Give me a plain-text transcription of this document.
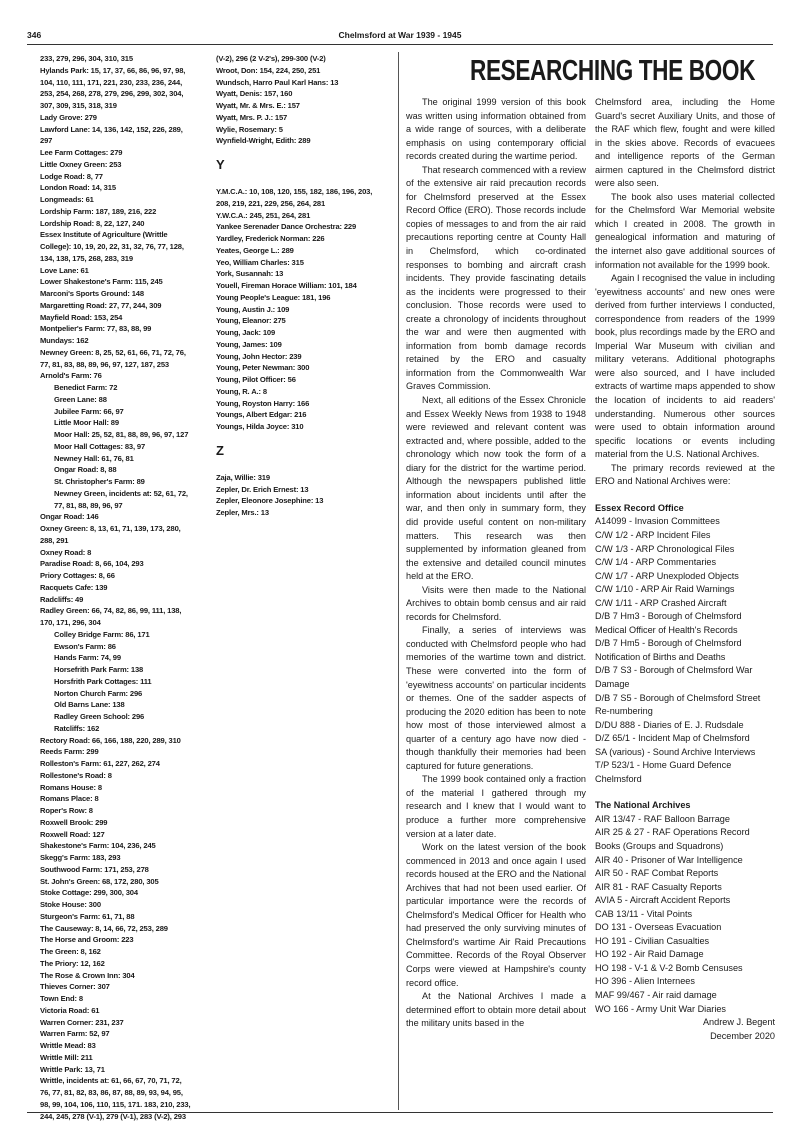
346	Chelmsford at War 1939 - 1945
233, 279, 296, 304, 310, 315
Hylands Park: 15, 17, 37, 66, 86, 96, 97, 98,
104, 110, 111, 171, 221, 230, 233, 236, 244,
253, 254, 268, 278, 279, 296, 299, 302, 304,
307, 309, 315, 318, 319
Lady Grove: 279
Lawford Lane: 14, 136, 142, 152, 226, 289,
297
Lee Farm Cottages: 279
Little Oxney Green: 253
Lodge Road: 8, 77
London Road: 14, 315
Longmeads: 61
Lordship Farm: 187, 189, 216, 222
Lordship Road: 8, 22, 127, 240
Essex Institute of Agriculture (Writtle
College): 10, 19, 20, 22, 31, 32, 76, 77, 128,
134, 138, 175, 268, 283, 319
Love Lane: 61
Lower Shakestone's Farm: 115, 245
Marconi's Sports Ground: 148
Margaretting Road: 27, 77, 244, 309
Mayfield Road: 153, 254
Montpelier's Farm: 77, 83, 88, 99
Mundays: 162
Newney Green: 8, 25, 52, 61, 66, 71, 72, 76,
77, 81, 83, 88, 89, 96, 97, 127, 187, 253
Arnold's Farm: 76
Benedict Farm: 72
Green Lane: 88
Jubilee Farm: 66, 97
Little Moor Hall: 89
Moor Hall: 25, 52, 81, 88, 89, 96, 97, 127
Moor Hall Cottages: 83, 97
Newney Hall: 61, 76, 81
Ongar Road: 8, 88
St. Christopher's Farm: 89
Newney Green, incidents at: 52, 61, 72,
77, 81, 88, 89, 96, 97
Ongar Road: 146
Oxney Green: 8, 13, 61, 71, 139, 173, 280,
288, 291
Oxney Road: 8
Paradise Road: 8, 66, 104, 293
Priory Cottages: 8, 66
Racquets Cafe: 139
Radcliffs: 49
Radley Green: 66, 74, 82, 86, 99, 111, 138,
170, 171, 296, 304
Colley Bridge Farm: 86, 171
Ewson's Farm: 86
Hands Farm: 74, 99
Horsefrith Park Farm: 138
Horsfrith Park Cottages: 111
Norton Church Farm: 296
Old Barns Lane: 138
Radley Green School: 296
Ratcliffs: 162
Rectory Road: 66, 166, 188, 220, 289, 310
Reeds Farm: 299
Rolleston's Farm: 61, 227, 262, 274
Rollestone's Road: 8
Romans House: 8
Romans Place: 8
Roper's Row: 8
Roxwell Brook: 299
Roxwell Road: 127
Shakestone's Farm: 104, 236, 245
Skegg's Farm: 183, 293
Southwood Farm: 171, 253, 278
St. John's Green: 68, 172, 280, 305
Stoke Cottage: 299, 300, 304
Stoke House: 300
Sturgeon's Farm: 61, 71, 88
The Causeway: 8, 14, 66, 72, 253, 289
The Horse and Groom: 223
The Green: 8, 162
The Priory: 12, 162
The Rose & Crown Inn: 304
Thieves Corner: 307
Town End: 8
Victoria Road: 61
Warren Corner: 231, 237
Warren Farm: 52, 97
Writtle Mead: 83
Writtle Mill: 211
Writtle Park: 13, 71
Writtle, incidents at: 61, 66, 67, 70, 71, 72,
76, 77, 81, 82, 83, 86, 87, 88, 89, 93, 94, 95,
98, 99, 104, 106, 110, 115, 171. 183, 210, 233,
244, 245, 278 (V-1), 279 (V-1), 283 (V-2), 293
(V-2), 296 (2 V-2's), 299-300 (V-2)
Wroot, Don: 154, 224, 250, 251
Wundsch, Harro Paul Karl Hans: 13
Wyatt, Denis: 157, 160
Wyatt, Mr. & Mrs. E.: 157
Wyatt, Mrs. P. J.: 157
Wylie, Rosemary: 5
Wynfield-Wright, Edith: 289
Y
Y.M.C.A.: 10, 108, 120, 155, 182, 186, 196, 203,
208, 219, 221, 229, 256, 264, 281
Y.W.C.A.: 245, 251, 264, 281
Yankee Serenader Dance Orchestra: 229
Yardley, Frederick Norman: 226
Yeates, George L.: 289
Yeo, William Charles: 315
York, Susannah: 13
Youell, Fireman Horace William: 101, 184
Young People's League: 181, 196
Young, Austin J.: 109
Young, Eleanor: 275
Young, Jack: 109
Young, James: 109
Young, John Hector: 239
Young, Peter Newman: 300
Young, Pilot Officer: 56
Young, R. A.: 8
Young, Royston Harry: 166
Youngs, Albert Edgar: 216
Youngs, Hilda Joyce: 310
Z
Zaja, Willie: 319
Zepler, Dr. Erich Ernest: 13
Zepler, Eleonore Josephine: 13
Zepler, Mrs.: 13
RESEARCHING THE BOOK

The original 1999 version of this book was written using information obtained from a wide range of sources, with a deliberate emphasis on using contemporary official records created during the wartime period.

That research commenced with a review of the extensive air raid precaution records for Chelmsford preserved at the Essex Record Office (ERO). Those records include copies of messages to and from the air raid precautions reporting centre at County Hall in Chelmsford, which co-ordinated responses to bombing and aircraft crash incidents. They provide fascinating details as the incidents were progressed to their conclusion. Those records were used to create a chronology of incidents throughout the war and were then augmented with information from bomb damage records retained by the ERO and casualty information from the Commonwealth War Graves Commission.

Next, all editions of the Essex Chronicle and Essex Weekly News from 1938 to 1948 were reviewed and relevant content was extracted and, where possible, added to the chronology which now took the form of a diary for the district for the wartime period. Although the newspapers published little information about incidents until after the war, and then only in summary form, they did provide useful content on non-military matters. This research was then supplemented by information gleaned from the extensive and detailed council minutes held at the ERO.

Visits were then made to the National Archives to obtain bomb census and air raid records for Chelmsford.

Finally, a series of interviews was conducted with Chelmsford people who had memories of the wartime town and district. These were converted into the form of 'eyewitness accounts' on particular incidents or themes. One of the sadder aspects of producing the 2020 edition has been to note how most of those interviewed almost a quarter of a century ago have now died - though thankfully their memories had been captured for future generations.

The 1999 book contained only a fraction of the material I gathered through my research and I knew that I would want to produce a further more comprehensive version at a later date.

Work on the latest version of the book commenced in 2013 and once again I used records housed at the ERO and the National Archives that had not been used earlier. Of particular importance were the records of Chelmsford's Medical Officer for Health who had preserved the only surviving minutes of Chelmsford's wartime Air Raid Precautions Committee. Records of the Royal Observer Corps were viewed at Hampshire's county record office.

At the National Archives I made a determined effort to obtain more detail about the military units based in the

Chelmsford area, including the Home Guard's secret Auxiliary Units, and those of the RAF which flew, fought and were killed in the skies above. Records of evacuees and intelligence reports of the German airmen captured in the Chelmsford district were also seen.

The book also uses material collected for the Chelmsford War Memorial website which I created in 2008. The growth in genealogical information and maturing of the internet also gave additional sources of information not available for the 1999 book.

Again I recognised the value in including 'eyewitness accounts' and new ones were derived from further interviews I conducted, correspondence from readers of the 1999 book, plus recordings made by the ERO and Imperial War Museum with civilian and military veterans. Additional photographs were also sourced, and I have included extracts of wartime maps appended to show the location of incidents to aid readers' understanding. Numerous other sources were used to obtain information around specific locations or events including material from the U.S. National Archives.

The primary records reviewed at the ERO and National Archives were:

Essex Record Office

A14099 - Invasion Committees

C/W 1/2 - ARP Incident Files

C/W 1/3 - ARP Chronological Files

C/W 1/4 - ARP Commentaries

C/W 1/7 - ARP Unexploded Objects

C/W 1/10 - ARP Air Raid Warnings

C/W 1/11 - ARP Crashed Aircraft

D/B 7 Hm3 - Borough of Chelmsford Medical Officer of Health's Records

D/B 7 Hm5 - Borough of Chelmsford Notification of Births and Deaths

D/B 7 S3 - Borough of Chelmsford War Damage

D/B 7 S5 - Borough of Chelmsford Street Re-numbering

D/DU 888 - Diaries of E. J. Rudsdale

D/Z 65/1 - Incident Map of Chelmsford

SA (various) - Sound Archive Interviews

T/P 523/1 - Home Guard Defence Chelmsford

The National Archives

AIR 13/47 - RAF Balloon Barrage

AIR 25 & 27 - RAF Operations Record Books (Groups and Squadrons)

AIR 40 - Prisoner of War Intelligence

AIR 50 - RAF Combat Reports

AIR 81 - RAF Casualty Reports

AVIA 5 - Aircraft Accident Reports

CAB 13/11 - Vital Points

DO 131 - Overseas Evacuation

HO 191 - Civilian Casualties

HO 192 - Air Raid Damage

HO 198 - V-1 & V-2 Bomb Censuses

HO 396 - Alien Internees

MAF 99/467 - Air raid damage

WO 166 - Army Unit War Diaries

Andrew J. Begent
December 2020
